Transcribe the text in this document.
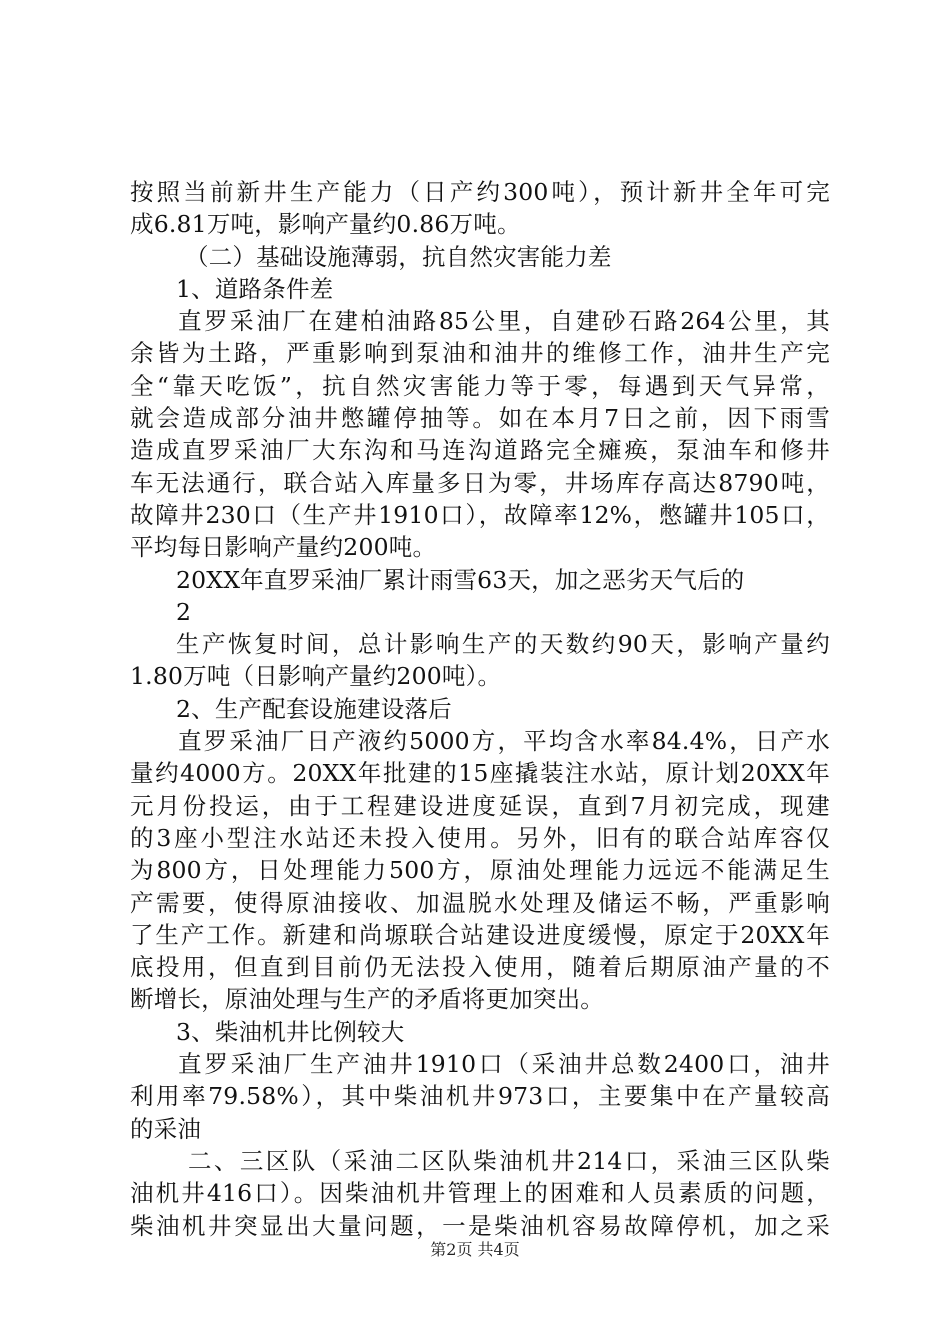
按照当前新井生产能力（日产约300吨），预计新井全年可完
成6.81万吨，影响产量约0.86万吨。
（二）基础设施薄弱，抗自然灾害能力差
1、道路条件差
直罗采油厂在建柏油路85公里，自建砂石路264公里，其
余皆为土路，严重影响到泵油和油井的维修工作，油井生产完
全“靠天吃饭”，抗自然灾害能力等于零，每遇到天气异常，
就会造成部分油井憋罐停抽等。如在本月7日之前，因下雨雪
造成直罗采油厂大东沟和马连沟道路完全瘫痪，泵油车和修井
车无法通行，联合站入库量多日为零，井场库存高达8790吨，
故障井230口（生产井1910口），故障率12%，憋罐井105口，
平均每日影响产量约200吨。
20XX年直罗采油厂累计雨雪63天，加之恶劣天气后的
2
生产恢复时间，总计影响生产的天数约90天，影响产量约
1.80万吨（日影响产量约200吨）。
2、生产配套设施建设落后
直罗采油厂日产液约5000方，平均含水率84.4%，日产水
量约4000方。20XX年批建的15座撬装注水站，原计划20XX年
元月份投运，由于工程建设进度延误，直到7月初完成，现建
的3座小型注水站还未投入使用。另外，旧有的联合站库容仅
为800方，日处理能力500方，原油处理能力远远不能满足生
产需要，使得原油接收、加温脱水处理及储运不畅，严重影响
了生产工作。新建和尚塬联合站建设进度缓慢，原定于20XX年
底投用，但直到目前仍无法投入使用，随着后期原油产量的不
断增长，原油处理与生产的矛盾将更加突出。
3、柴油机井比例较大
直罗采油厂生产油井1910口（采油井总数2400口，油井
利用率79.58%），其中柴油机井973口，主要集中在产量较高
的采油
二、三区队（采油二区队柴油机井214口，采油三区队柴
油机井416口）。因柴油机井管理上的困难和人员素质的问题，
柴油机井突显出大量问题，一是柴油机容易故障停机，加之采
第2页 共4页
